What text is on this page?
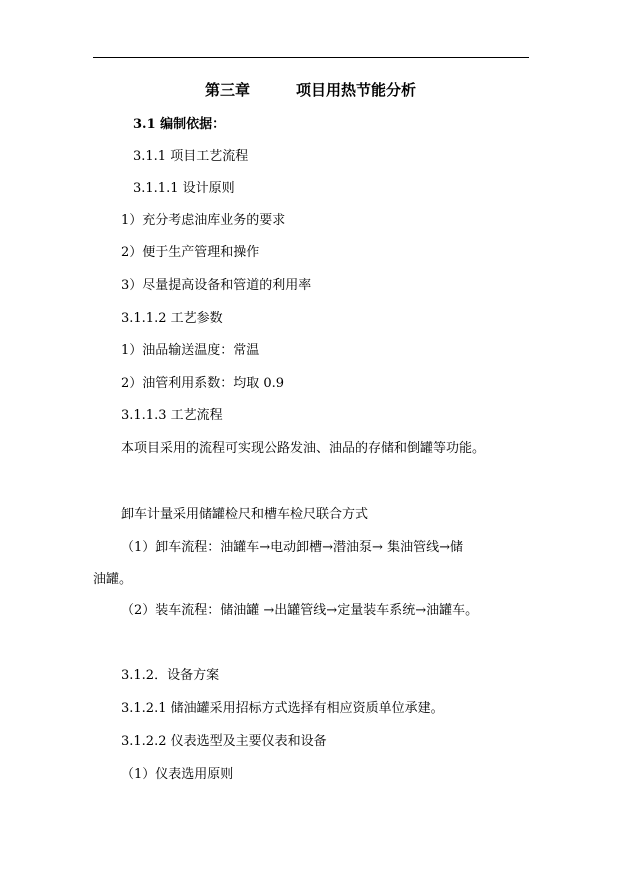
第三章	项目用热节能分析
3.1 编制依据：
3.1.1 项目工艺流程
3.1.1.1 设计原则
1）充分考虑油库业务的要求
2）便于生产管理和操作
3）尽量提高设备和管道的利用率
3.1.1.2 工艺参数
1）油品输送温度：常温
2）油管利用系数：均取 0.9
3.1.1.3 工艺流程
本项目采用的流程可实现公路发油、油品的存储和倒罐等功能。
卸车计量采用储罐检尺和槽车检尺联合方式
（1）卸车流程：油罐车→电动卸槽→潜油泵→ 集油管线→储
油罐。
（2）装车流程：储油罐 →出罐管线→定量装车系统→油罐车。
3.1.2．设备方案
3.1.2.1 储油罐采用招标方式选择有相应资质单位承建。
3.1.2.2 仪表选型及主要仪表和设备
（1）仪表选用原则
